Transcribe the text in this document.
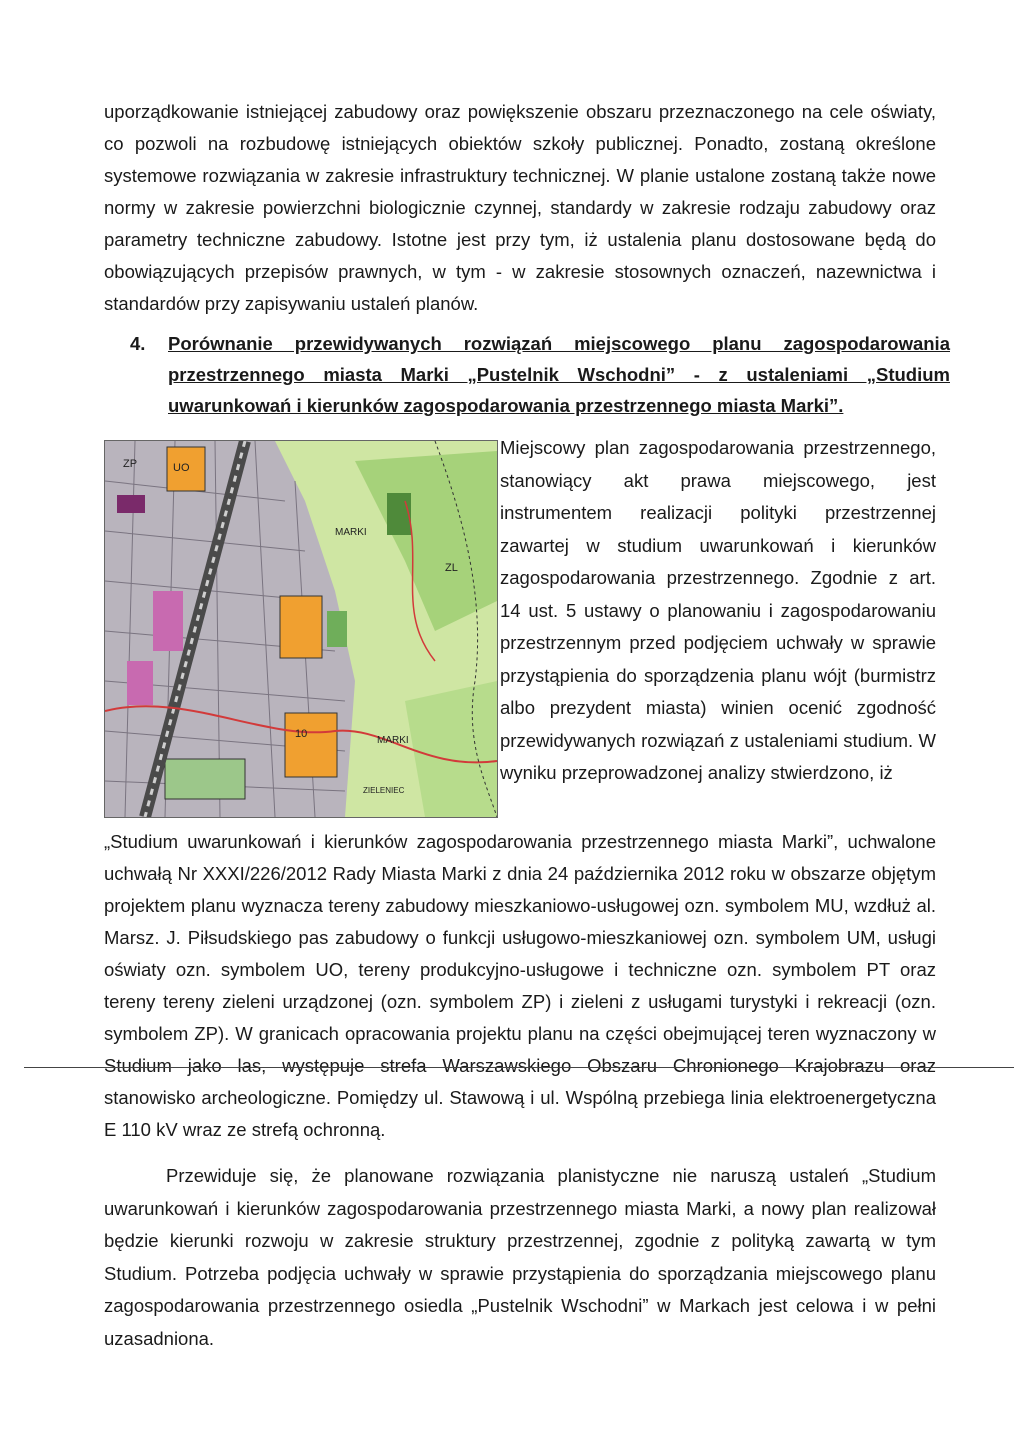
uporządkowanie istniejącej zabudowy oraz powiększenie obszaru przeznaczonego na cele oświaty, co pozwoli na rozbudowę istniejących obiektów szkoły publicznej. Ponadto, zostaną określone systemowe rozwiązania w zakresie infrastruktury technicznej. W planie ustalone zostaną także nowe normy w zakresie powierzchni biologicznie czynnej, standardy w zakresie rodzaju zabudowy oraz parametry techniczne zabudowy. Istotne jest przy tym, iż ustalenia planu dostosowane będą do obowiązujących przepisów prawnych, w tym - w zakresie stosownych oznaczeń, nazewnictwa i standardów przy zapisywaniu ustaleń planów.

4. Porównanie przewidywanych rozwiązań miejscowego planu zagospodarowania przestrzennego miasta Marki „Pustelnik Wschodni” - z ustaleniami „Studium uwarunkowań i kierunków zagospodarowania przestrzennego miasta Marki”.
ZP	UO
MARKI
10
MARKI
ZL
ZIELENIEC

Miejscowy plan zagospodarowania przestrzennego, stanowiący akt prawa miejscowego, jest instrumentem realizacji polityki przestrzennej zawartej w studium uwarunkowań i kierunków zagospodarowania przestrzennego. Zgodnie z art. 14 ust. 5 ustawy o planowaniu i zagospodarowaniu przestrzennym przed podjęciem uchwały w sprawie przystąpienia do sporządzenia planu wójt (burmistrz albo prezydent miasta) winien ocenić zgodność przewidywanych rozwiązań z ustaleniami studium. W wyniku przeprowadzonej analizy stwierdzono, iż

„Studium uwarunkowań i kierunków zagospodarowania przestrzennego miasta Marki”, uchwalone uchwałą Nr XXXI/226/2012 Rady Miasta Marki z dnia 24 października 2012 roku w obszarze objętym projektem planu wyznacza tereny zabudowy mieszkaniowo-usługowej ozn. symbolem MU, wzdłuż al. Marsz. J. Piłsudskiego pas zabudowy o funkcji usługowo-mieszkaniowej ozn. symbolem UM, usługi oświaty ozn. symbolem UO, tereny produkcyjno-usługowe i techniczne ozn. symbolem PT oraz tereny tereny zieleni urządzonej (ozn. symbolem ZP) i zieleni z usługami turystyki i rekreacji (ozn. symbolem ZP). W granicach opracowania projektu planu na części obejmującej teren wyznaczony w Studium jako las, występuje strefa Warszawskiego Obszaru Chronionego Krajobrazu oraz stanowisko archeologiczne. Pomiędzy ul. Stawową i ul. Wspólną przebiega linia elektroenergetyczna E 110 kV wraz ze strefą ochronną.

Przewiduje się, że planowane rozwiązania planistyczne nie naruszą ustaleń „Studium uwarunkowań i kierunków zagospodarowania przestrzennego miasta Marki, a nowy plan realizował będzie kierunki rozwoju w zakresie struktury przestrzennej, zgodnie z polityką zawartą w tym Studium. Potrzeba podjęcia uchwały w sprawie przystąpienia do sporządzania miejscowego planu zagospodarowania przestrzennego osiedla „Pustelnik Wschodni” w Markach jest celowa i w pełni uzasadniona.
